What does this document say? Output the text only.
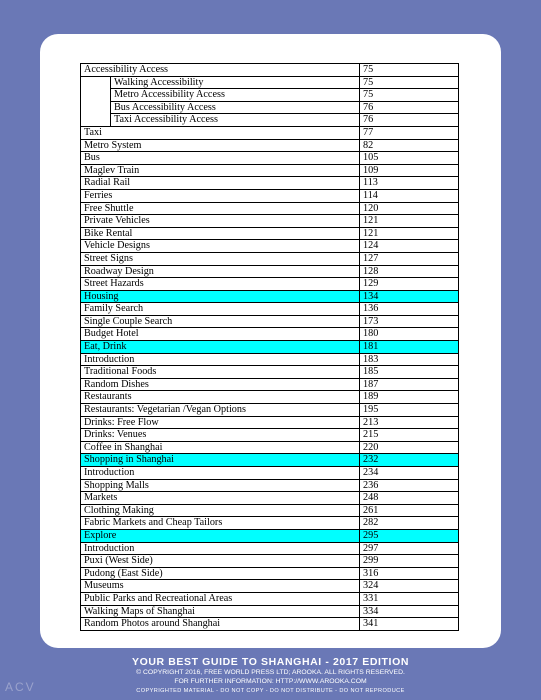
Accessibility Access		75
	Walking Accessibility	75
	Metro Accessibility Access	75
	Bus Accessibility Access	76
	Taxi Accessibility Access	76
Taxi		77
Metro System		82
Bus		105
Maglev Train		109
Radial Rail		113
Ferries		114
Free Shuttle		120
Private Vehicles		121
Bike Rental		121
Vehicle Designs		124
Street Signs		127
Roadway Design		128
Street Hazards		129
Housing		134
Family Search		136
Single Couple Search		173
Budget Hotel		180
Eat, Drink		181
Introduction		183
Traditional Foods		185
Random Dishes		187
Restaurants		189
Restaurants: Vegetarian /Vegan Options		195
Drinks: Free Flow		213
Drinks: Venues		215
Coffee in Shanghai		220
Shopping in Shanghai		232
Introduction		234
Shopping Malls		236
Markets		248
Clothing Making		261
Fabric Markets and Cheap Tailors		282
Explore		295
Introduction		297
Puxi (West Side)		299
Pudong (East Side)		316
Museums		324
Public Parks and Recreational Areas		331
Walking Maps of Shanghai		334
Random Photos around Shanghai		341
YOUR BEST GUIDE TO SHANGHAI - 2017 EDITION
© COPYRIGHT 2016, FREE WORLD PRESS LTD; AROOKA. ALL RIGHTS RESERVED.
FOR FURTHER INFORMATION: HTTP://WWW.AROOKA.COM
COPYRIGHTED MATERIAL - DO NOT COPY - DO NOT DISTRIBUTE - DO NOT REPRODUCE
ACV
